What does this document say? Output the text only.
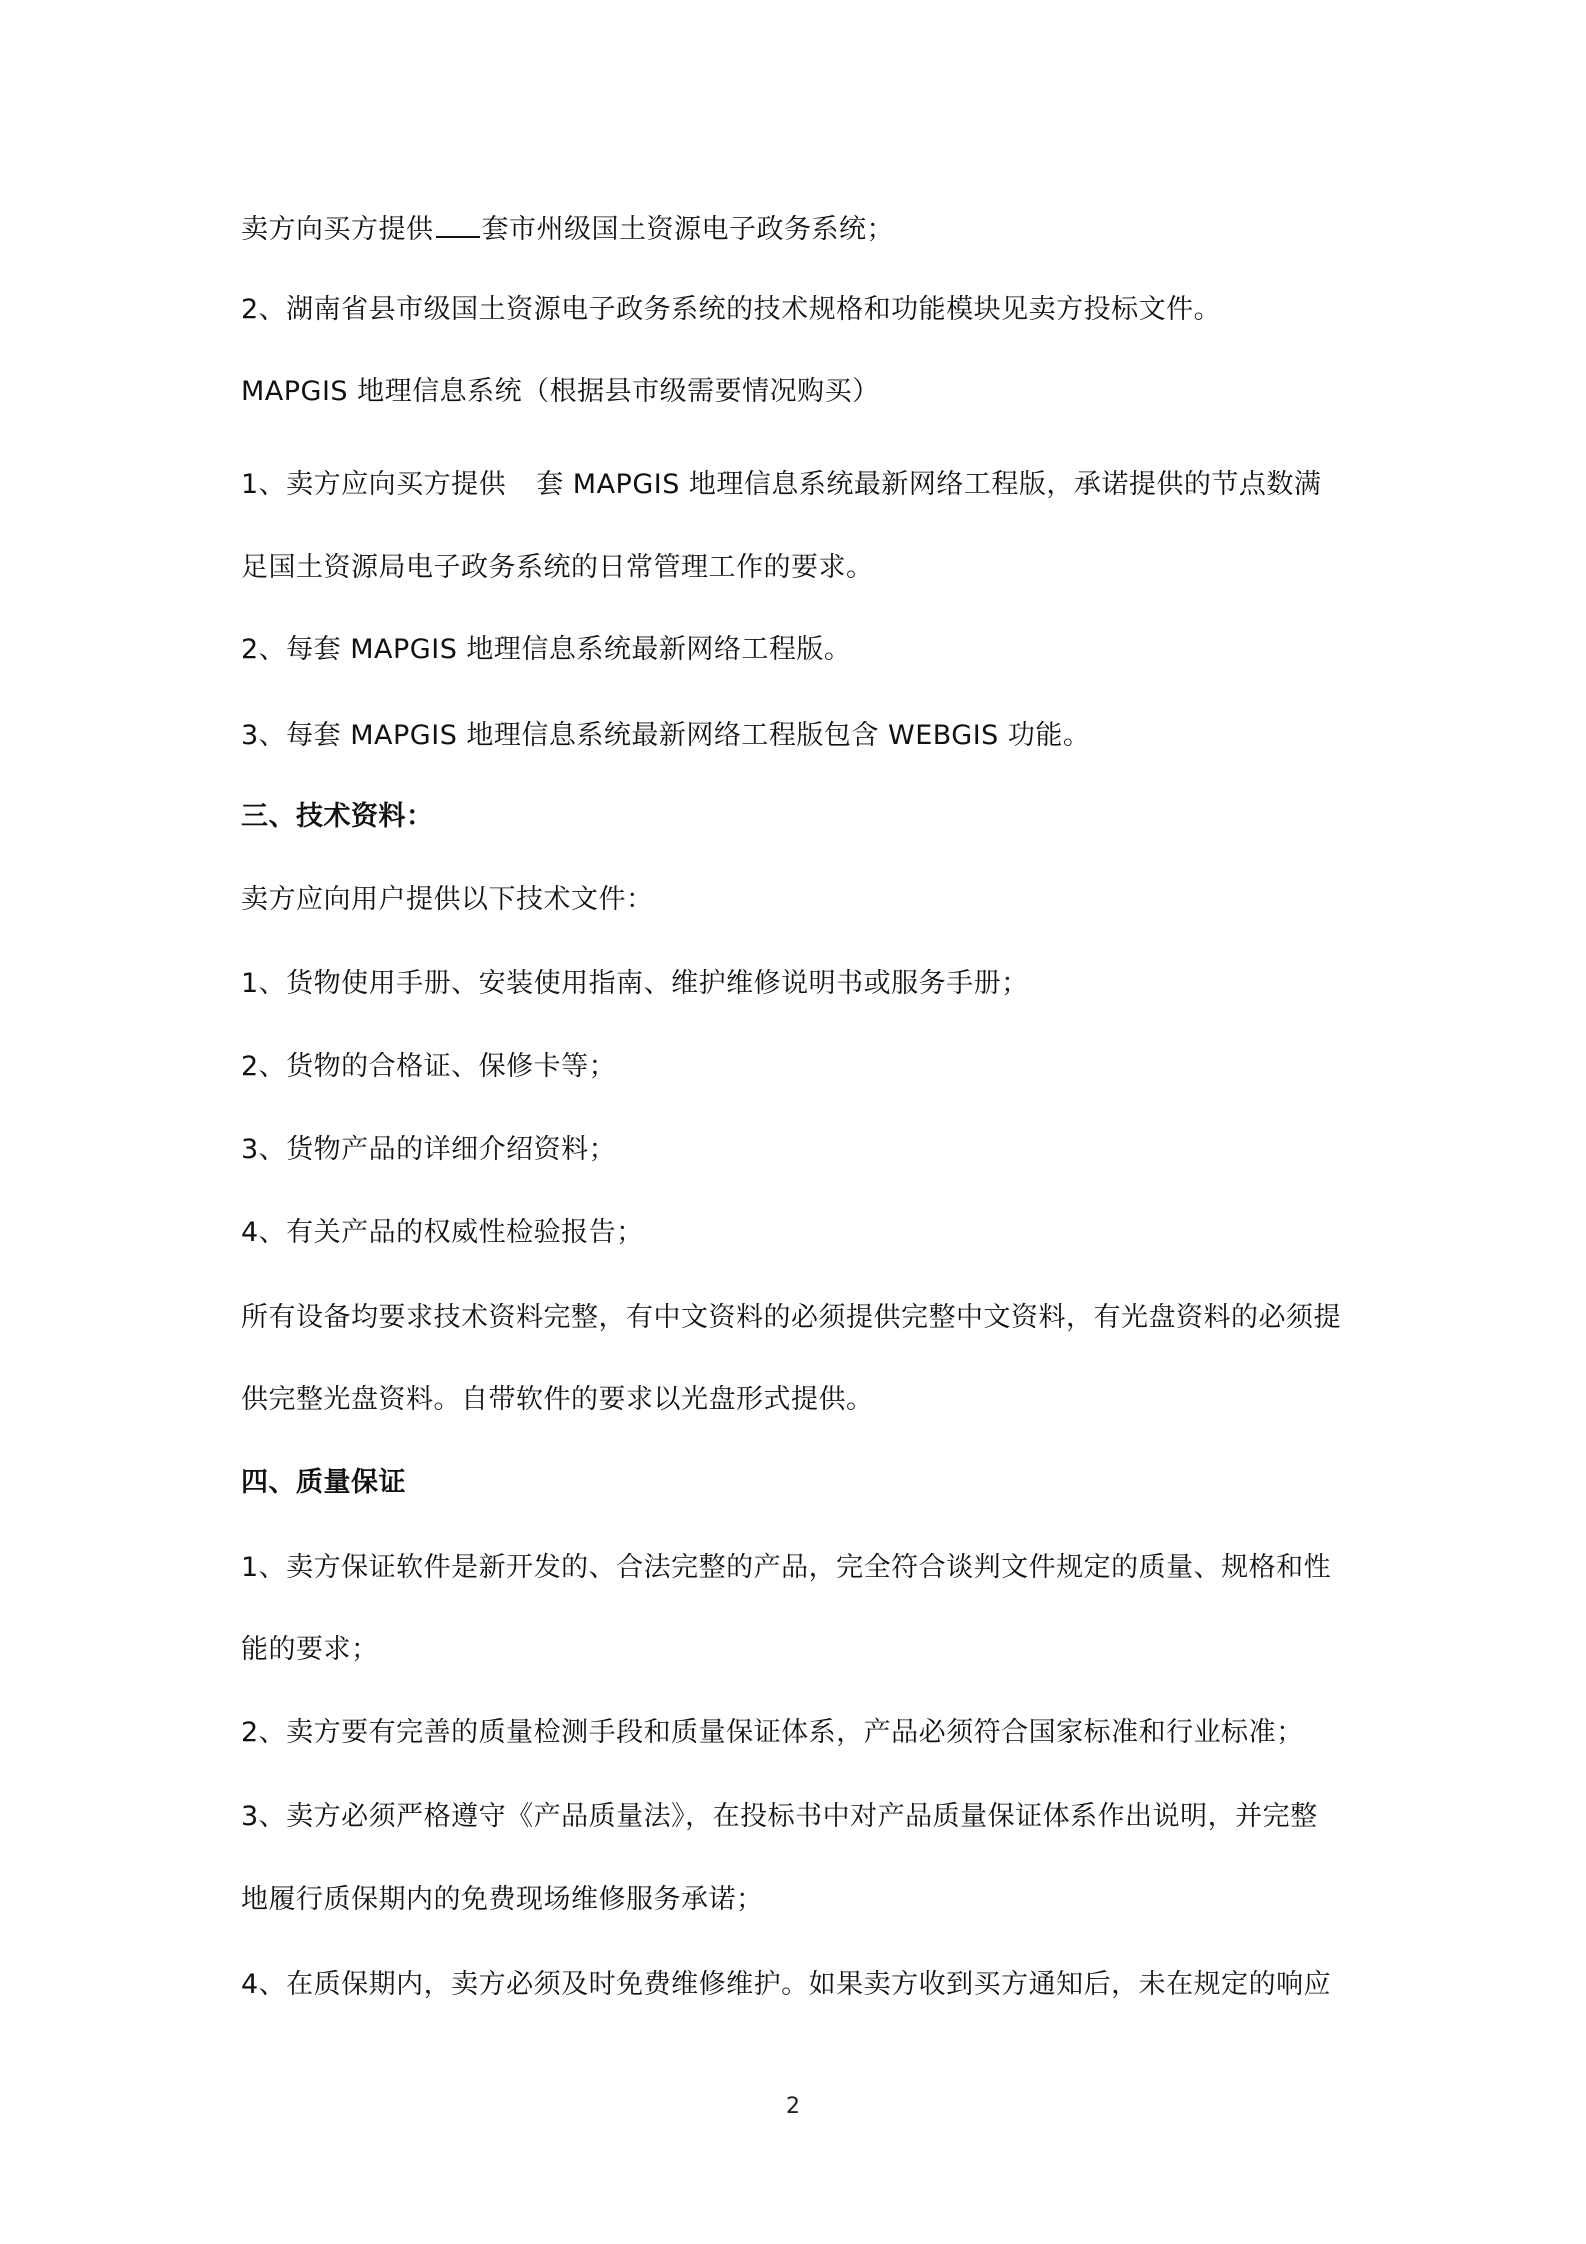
卖方向买方提供 套市州级国土资源电子政务系统；
2、湖南省县市级国土资源电子政务系统的技术规格和功能模块见卖方投标文件。
MAPGIS 地理信息系统（根据县市级需要情况购买）
1、卖方应向买方提供 套 MAPGIS 地理信息系统最新网络工程版，承诺提供的节点数满
足国土资源局电子政务系统的日常管理工作的要求。
2、每套 MAPGIS 地理信息系统最新网络工程版。
3、每套 MAPGIS 地理信息系统最新网络工程版包含 WEBGIS 功能。
三、技术资料：
卖方应向用户提供以下技术文件：
1、货物使用手册、安装使用指南、维护维修说明书或服务手册；
2、货物的合格证、保修卡等；
3、货物产品的详细介绍资料；
4、有关产品的权威性检验报告；
所有设备均要求技术资料完整，有中文资料的必须提供完整中文资料，有光盘资料的必须提
供完整光盘资料。自带软件的要求以光盘形式提供。
四、质量保证
1、卖方保证软件是新开发的、合法完整的产品，完全符合谈判文件规定的质量、规格和性
能的要求；
2、卖方要有完善的质量检测手段和质量保证体系，产品必须符合国家标准和行业标准；
3、卖方必须严格遵守《产品质量法》，在投标书中对产品质量保证体系作出说明，并完整
地履行质保期内的免费现场维修服务承诺；
4、在质保期内，卖方必须及时免费维修维护。如果卖方收到买方通知后，未在规定的响应
2
